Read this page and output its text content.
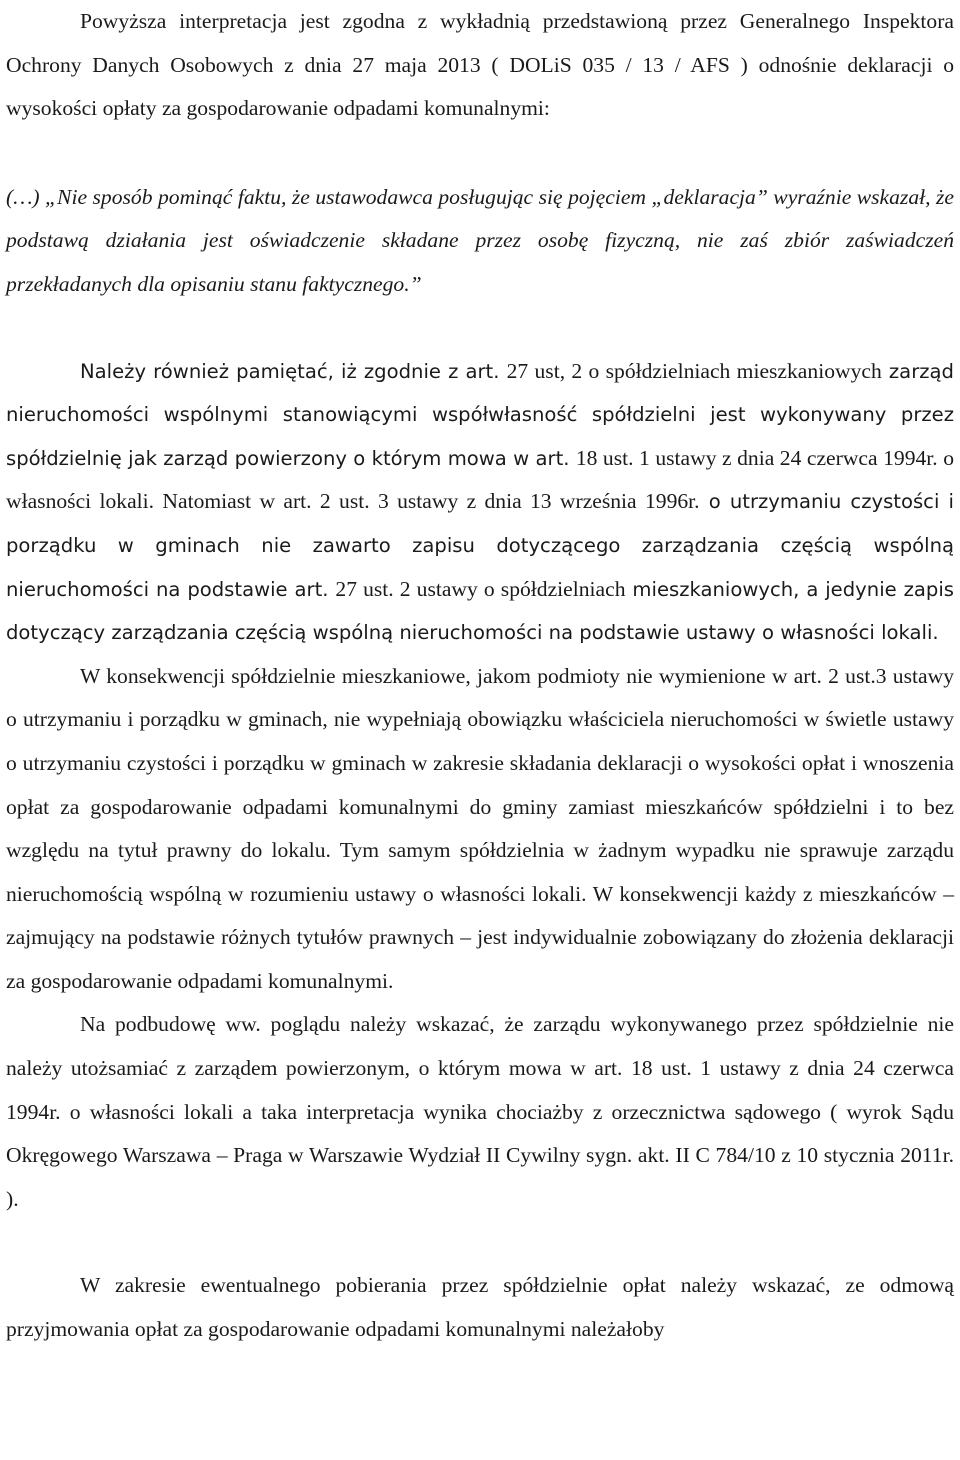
Powyższa interpretacja jest zgodna z wykładnią przedstawioną przez Generalnego Inspektora Ochrony Danych Osobowych z dnia 27 maja 2013 ( DOLiS 035 / 13 / AFS ) odnośnie deklaracji o wysokości opłaty za gospodarowanie odpadami komunalnymi:

(…) „Nie sposób pominąć faktu, że ustawodawca posługując się pojęciem „deklaracja” wyraźnie wskazał, że podstawą działania jest oświadczenie składane przez osobę fizyczną, nie zaś zbiór zaświadczeń przekładanych dla opisaniu stanu faktycznego.”

Należy również pamiętać, iż zgodnie z art. 27 ust, 2 o spółdzielniach mieszkaniowych zarząd nieruchomości wspólnymi stanowiącymi współwłasność spółdzielni jest wykonywany przez spółdzielnię jak zarząd powierzony o którym mowa w art. 18 ust. 1 ustawy z dnia 24 czerwca 1994r. o własności lokali. Natomiast w art. 2 ust. 3 ustawy z dnia 13 września 1996r. o utrzymaniu czystości i porządku w gminach nie zawarto zapisu dotyczącego zarządzania częścią wspólną nieruchomości na podstawie art. 27 ust. 2 ustawy o spółdzielniach mieszkaniowych, a jedynie zapis dotyczący zarządzania częścią wspólną nieruchomości na podstawie ustawy o własności lokali.

W konsekwencji spółdzielnie mieszkaniowe, jakom podmioty nie wymienione w art. 2 ust.3 ustawy o utrzymaniu i porządku w gminach, nie wypełniają obowiązku właściciela nieruchomości w świetle ustawy o utrzymaniu czystości i porządku w gminach w zakresie składania deklaracji o wysokości opłat i wnoszenia opłat za gospodarowanie odpadami komunalnymi do gminy zamiast mieszkańców spółdzielni i to bez względu na tytuł prawny do lokalu. Tym samym spółdzielnia w żadnym wypadku nie sprawuje zarządu nieruchomością wspólną w rozumieniu ustawy o własności lokali. W konsekwencji każdy z mieszkańców – zajmujący na podstawie różnych tytułów prawnych – jest indywidualnie zobowiązany do złożenia deklaracji za gospodarowanie odpadami komunalnymi.

Na podbudowę ww. poglądu należy wskazać, że zarządu wykonywanego przez spółdzielnie nie należy utożsamiać z zarządem powierzonym, o którym mowa w art. 18 ust. 1 ustawy z dnia 24 czerwca 1994r. o własności lokali a taka interpretacja wynika chociażby z orzecznictwa sądowego ( wyrok Sądu Okręgowego Warszawa – Praga w Warszawie Wydział II Cywilny sygn. akt. II C 784/10 z 10 stycznia 2011r. ).

W zakresie ewentualnego pobierania przez spółdzielnie opłat należy wskazać, ze odmową przyjmowania opłat za gospodarowanie odpadami komunalnymi należałoby
